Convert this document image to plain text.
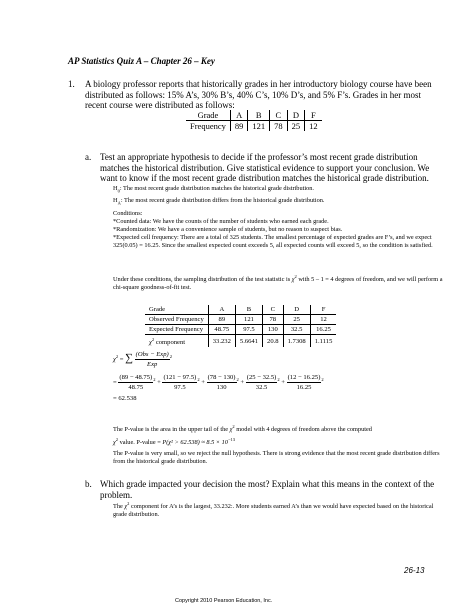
AP Statistics Quiz A – Chapter 26 – Key
1. A biology professor reports that historically grades in her introductory biology course have been distributed as follows: 15% A’s, 30% B’s, 40% C’s, 10% D’s, and 5% F’s. Grades in her most recent course were distributed as follows:
Grade	A	B	C	D	F
Frequency	89	121	78	25	12
a. Test an appropriate hypothesis to decide if the professor’s most recent grade distribution matches the historical distribution. Give statistical evidence to support your conclusion. We want to know if the most recent grade distribution matches the historical grade distribution.
$H_0$: The most recent grade distribution matches the historical grade distribution.
$H_A$: The most recent grade distribution differs from the historical grade distribution.
Conditions:
*Counted data: We have the counts of the number of students who earned each grade.
*Randomization: We have a convenience sample of students, but no reason to suspect bias.
*Expected cell frequency: There are a total of 325 students. The smallest percentage of expected grades are F’s, and we expect 325(0.05) = 16.25. Since the smallest expected count exceeds 5, all expected counts will exceed 5, so the condition is satisfied.
Under these conditions, the sampling distribution of the test statistic is $\chi^2$ with 5 – 1 = 4 degrees of freedom, and we will perform a chi-square goodness-of-fit test.
Grade	A	B	C	D	F
Observed Frequency	89	121	78	25	12
Expected Frequency	48.75	97.5	130	32.5	16.25
$\chi^2$ component	33.232	5.6641	20.8	1.7308	1.1115
$\chi^2$ = ∑ $\frac{\text{(Obs − Exp)}}{\text{Exp}} ^2$
= $\frac{(89 - 48.75)}{48.75} ^2 + \frac{(121 - 97.5)}{97.5} ^2 + \frac{(78 - 130)}{130} ^2 + \frac{(25 - 32.5)}{32.5} ^2 + \frac{(12 - 16.25)}{16.25} ^2$
= 62.538
The P-value is the area in the upper tail of the $\chi^2$ model with 4 degrees of freedom above the computed
$\chi^2$ value. P-value = $P(\chi^2 > 62.538) \approx 8.5 \times 10^{-13}$
The P-value is very small, so we reject the null hypothesis. There is strong evidence that the most recent grade distribution differs from the historical grade distribution.
b. Which grade impacted your decision the most? Explain what this means in the context of the problem.
The $\chi^2$ component for A’s is the largest, 33.232:. More students earned A’s than we would have expected based on the historical grade distribution.
26-13
Copyright 2010 Pearson Education, Inc.
